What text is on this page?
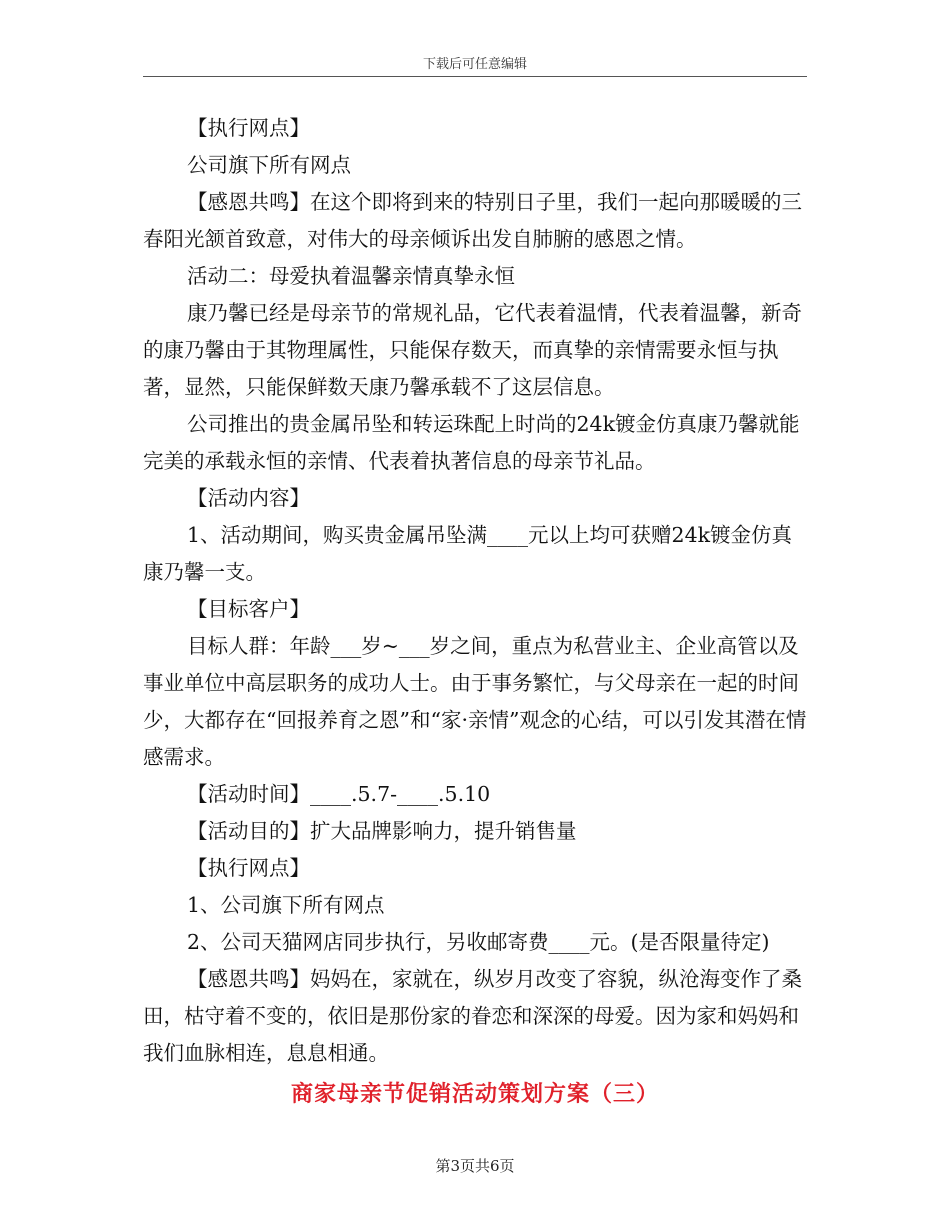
下载后可任意编辑

【执行网点】

公司旗下所有网点

【感恩共鸣】在这个即将到来的特别日子里，我们一起向那暖暖的三春阳光颔首致意，对伟大的母亲倾诉出发自肺腑的感恩之情。

活动二：母爱执着温馨亲情真挚永恒

康乃馨已经是母亲节的常规礼品，它代表着温情，代表着温馨，新奇的康乃馨由于其物理属性，只能保存数天，而真挚的亲情需要永恒与执著，显然，只能保鲜数天康乃馨承载不了这层信息。

公司推出的贵金属吊坠和转运珠配上时尚的24k镀金仿真康乃馨就能完美的承载永恒的亲情、代表着执著信息的母亲节礼品。

【活动内容】

1、活动期间，购买贵金属吊坠满____元以上均可获赠24k镀金仿真康乃馨一支。

【目标客户】

目标人群：年龄___岁~___岁之间，重点为私营业主、企业高管以及事业单位中高层职务的成功人士。由于事务繁忙，与父母亲在一起的时间少，大都存在“回报养育之恩”和“家·亲情”观念的心结，可以引发其潜在情感需求。

【活动时间】____.5.7-____.5.10

【活动目的】扩大品牌影响力，提升销售量

【执行网点】

1、公司旗下所有网点

2、公司天猫网店同步执行，另收邮寄费____元。(是否限量待定)

【感恩共鸣】妈妈在，家就在，纵岁月改变了容貌，纵沧海变作了桑田，枯守着不变的，依旧是那份家的眷恋和深深的母爱。因为家和妈妈和我们血脉相连，息息相通。

商家母亲节促销活动策划方案（三）
第3页共6页
